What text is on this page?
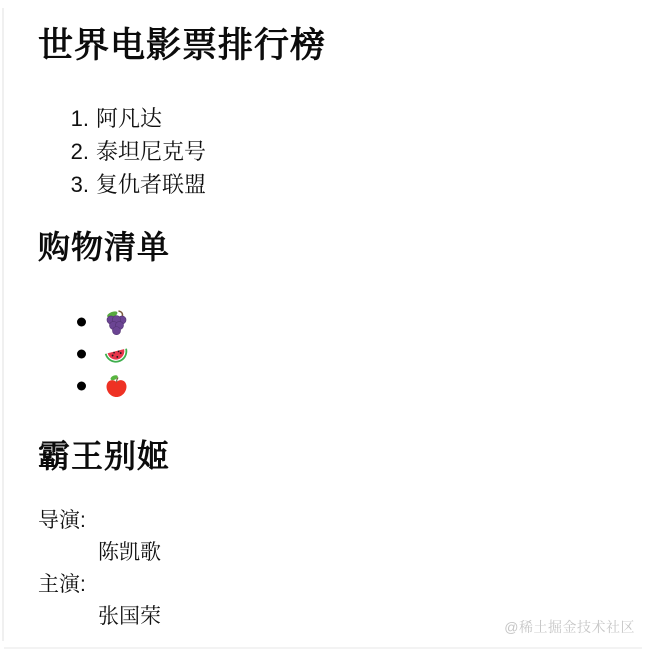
世界电影票排行榜
1. 阿凡达
2. 泰坦尼克号
3. 复仇者联盟
购物清单
霸王别姬
导演:
陈凯歌
主演:
张国荣	@稀土掘金技术社区
